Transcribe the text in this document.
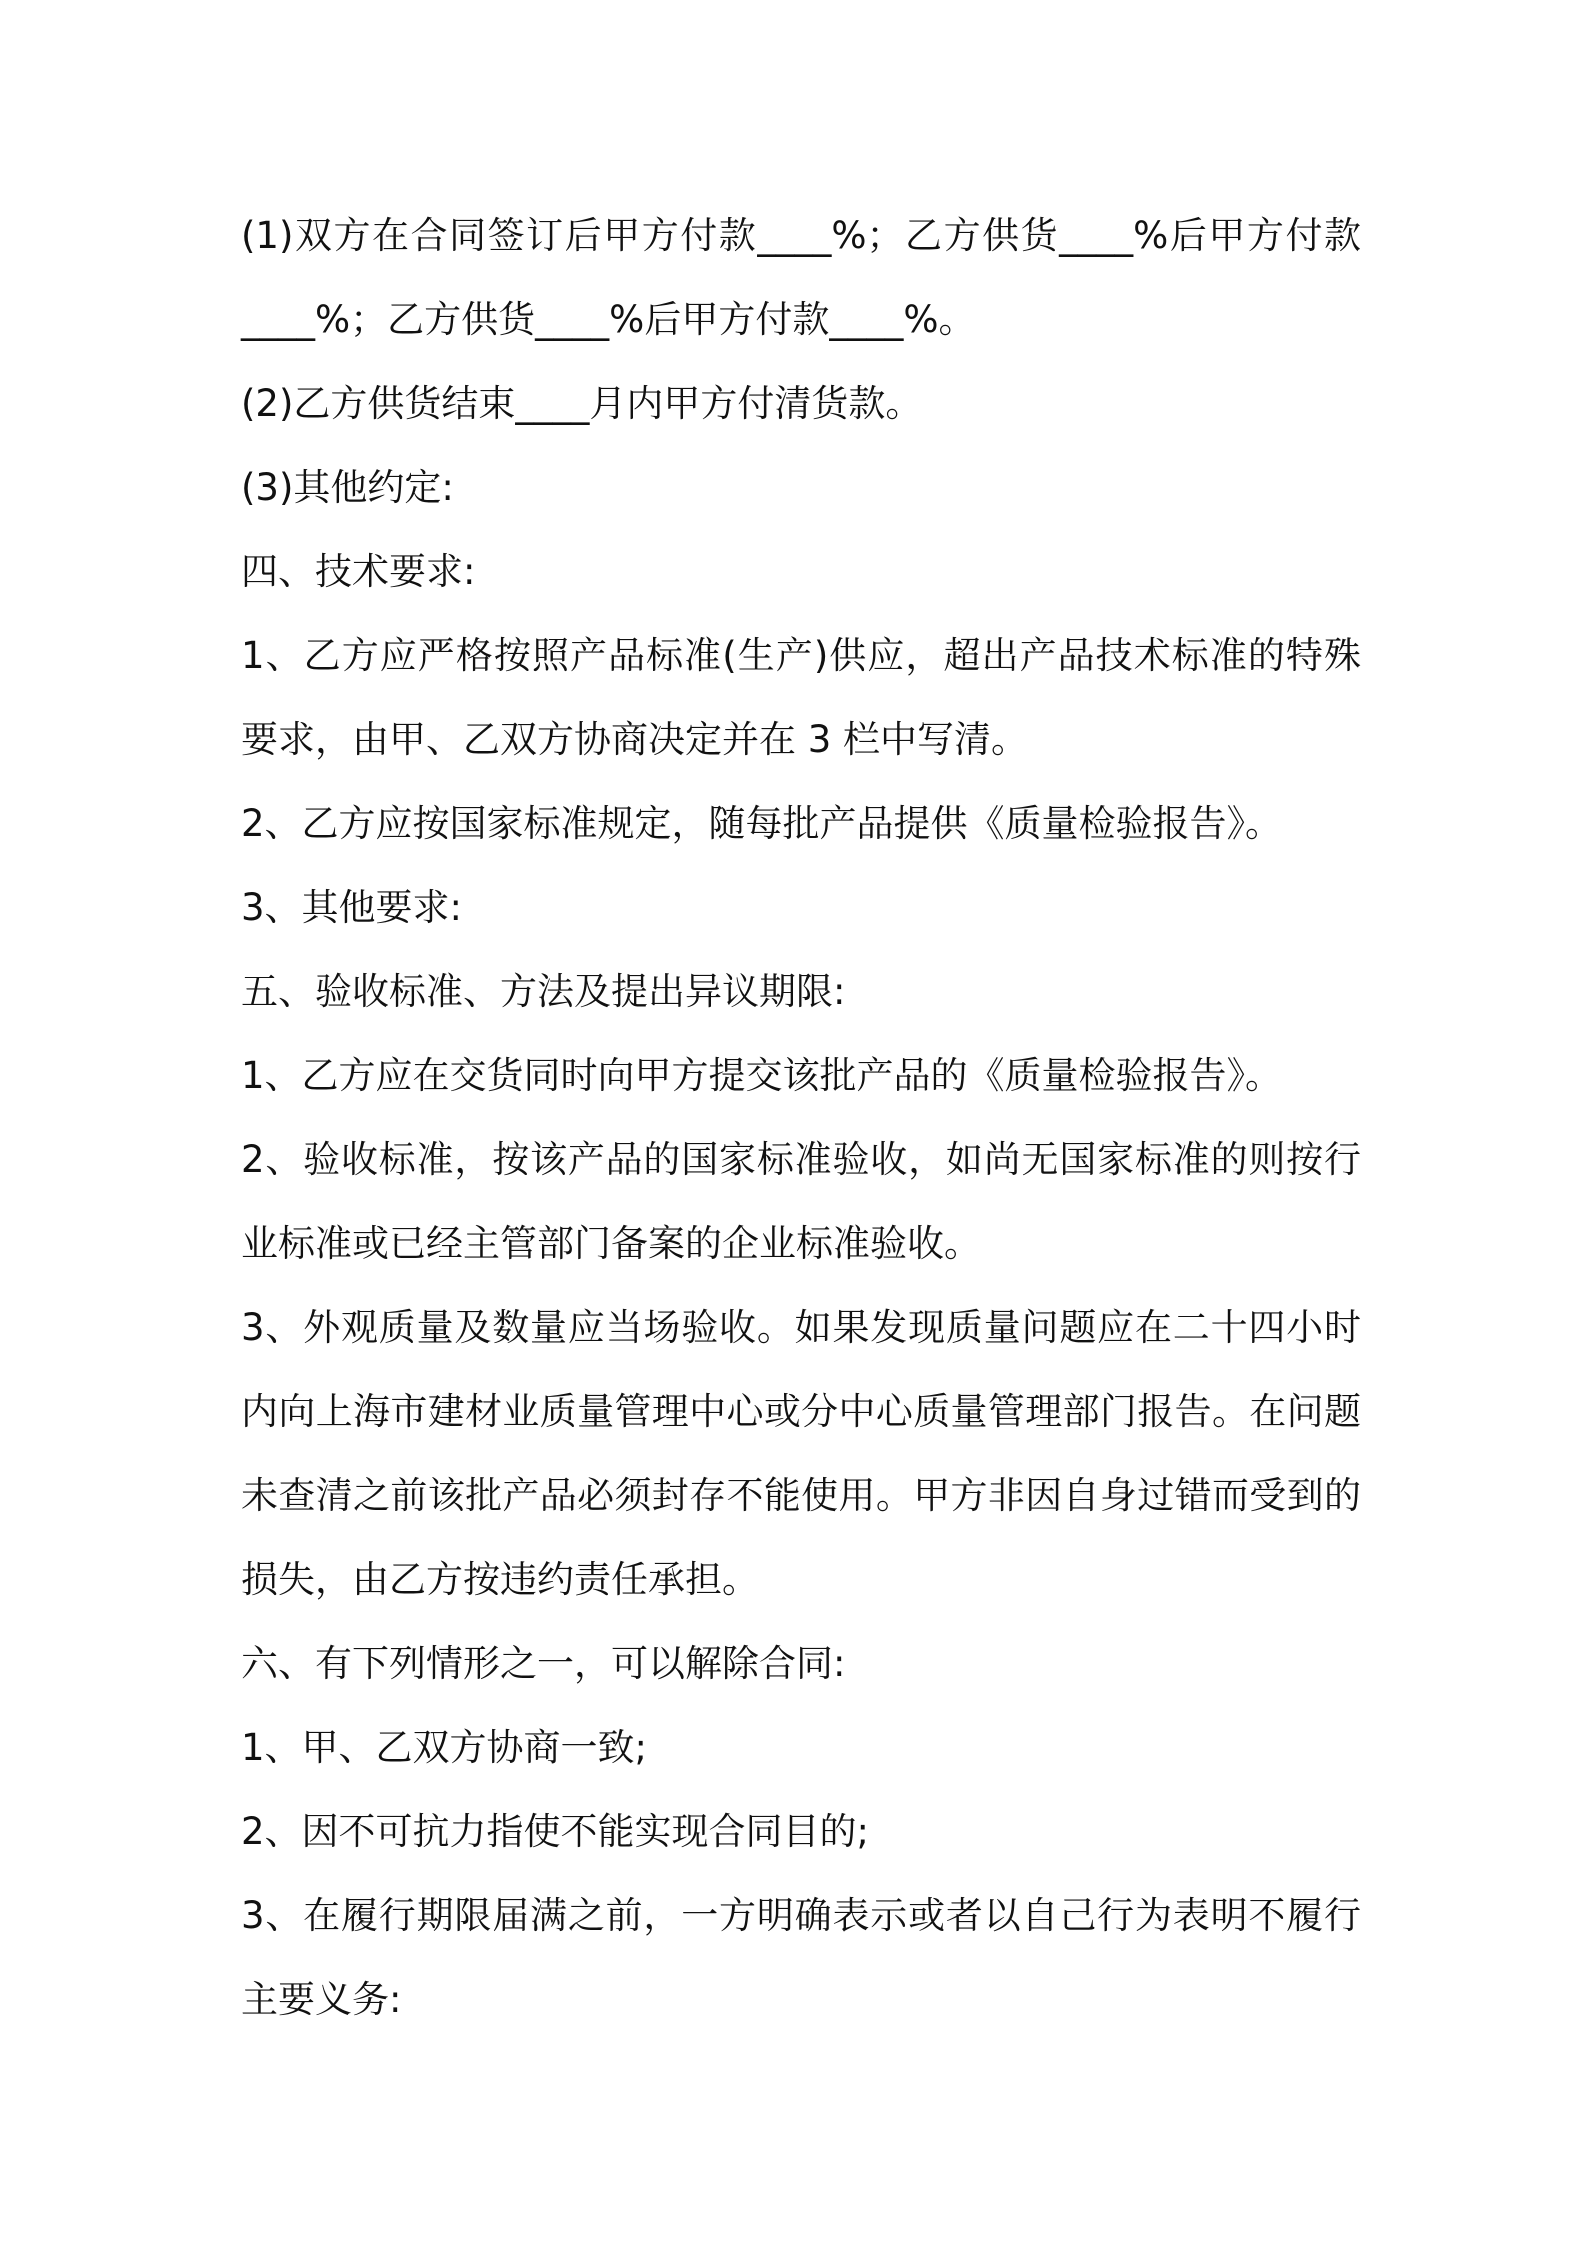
(1)双方在合同签订后甲方付款____%；乙方供货____%后甲方付款____%；乙方供货____%后甲方付款____%。

(2)乙方供货结束____月内甲方付清货款。

(3)其他约定:

四、技术要求:

1、乙方应严格按照产品标准(生产)供应，超出产品技术标准的特殊要求，由甲、乙双方协商决定并在 3 栏中写清。

2、乙方应按国家标准规定，随每批产品提供《质量检验报告》。

3、其他要求:

五、验收标准、方法及提出异议期限:

1、乙方应在交货同时向甲方提交该批产品的《质量检验报告》。

2、验收标准，按该产品的国家标准验收，如尚无国家标准的则按行业标准或已经主管部门备案的企业标准验收。

3、外观质量及数量应当场验收。如果发现质量问题应在二十四小时内向上海市建材业质量管理中心或分中心质量管理部门报告。在问题未查清之前该批产品必须封存不能使用。甲方非因自身过错而受到的损失，由乙方按违约责任承担。

六、有下列情形之一，可以解除合同:

1、甲、乙双方协商一致;

2、因不可抗力指使不能实现合同目的;

3、在履行期限届满之前，一方明确表示或者以自己行为表明不履行主要义务:
